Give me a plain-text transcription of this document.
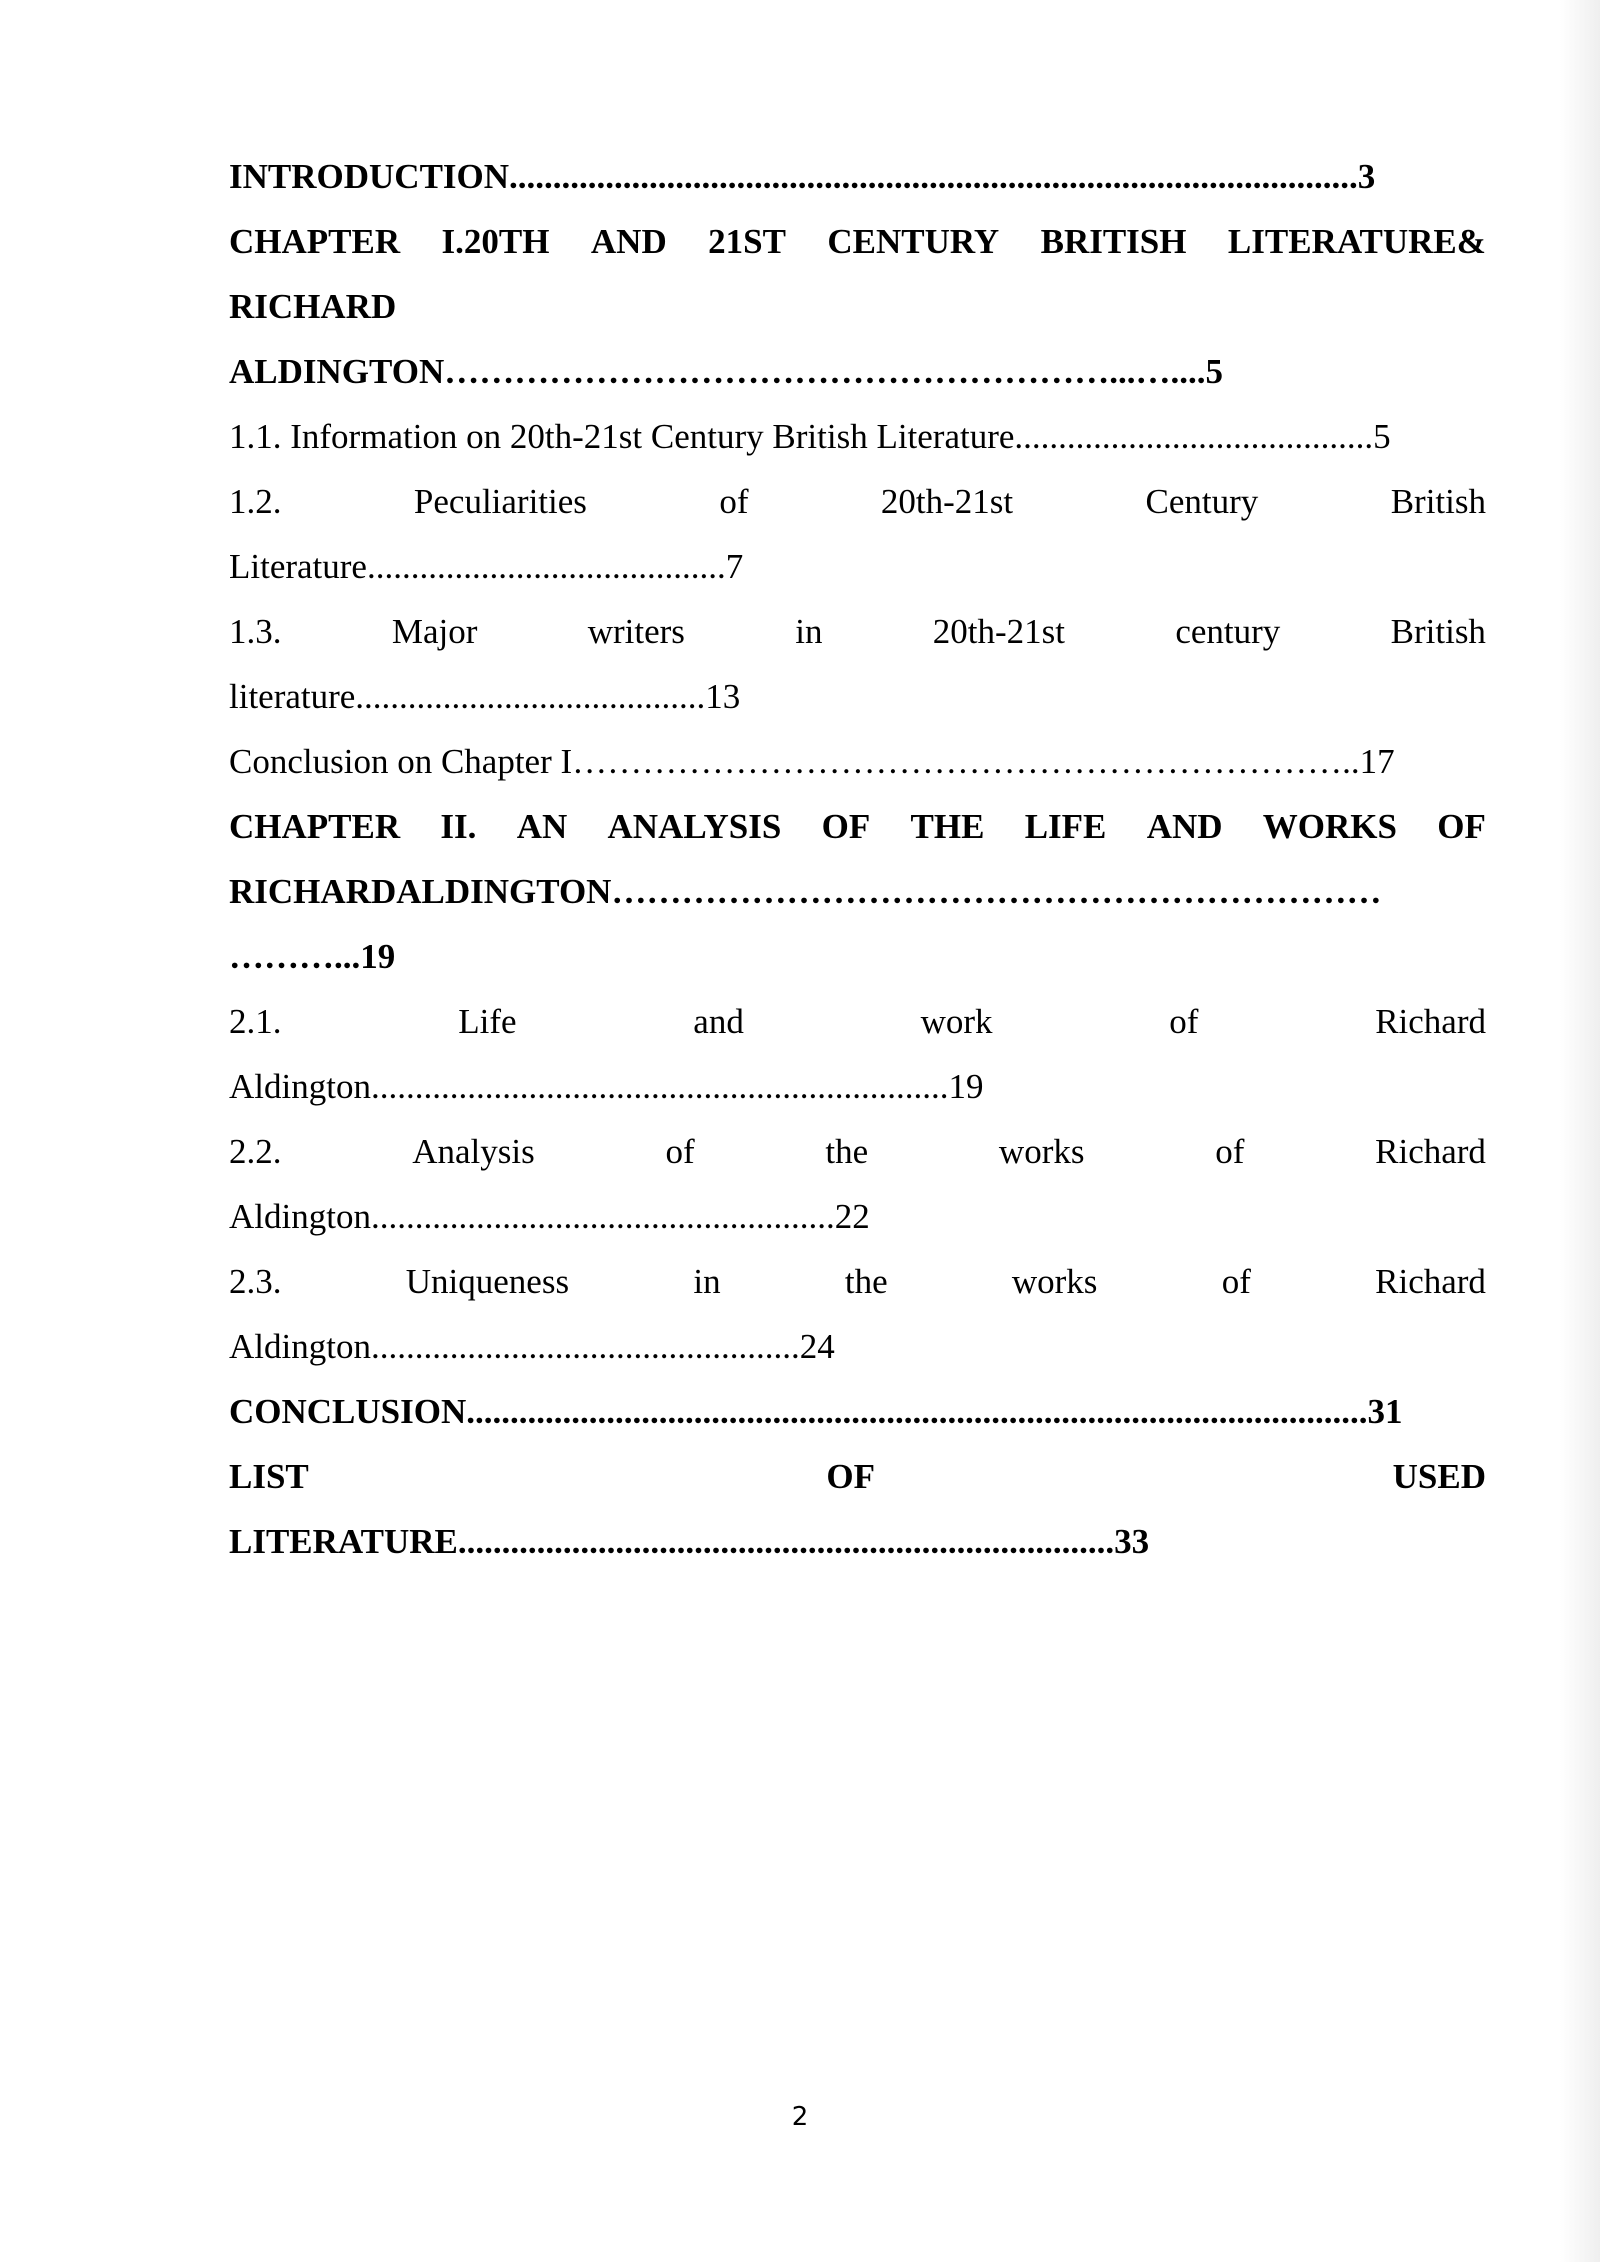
INTRODUCTION.................................................................................................3
CHAPTER I.20TH AND 21ST CENTURY BRITISH LITERATURE&
RICHARD
ALDINGTON…………………………………………………...…....5
1.1. Information on 20th-21st Century British Literature.........................................5
1.2.	Peculiarities	of	20th-21st	Century	British
Literature.........................................7
1.3.	Major	writers	in	20th-21st	century	British
literature........................................13
Conclusion on Chapter I…………………………………………………………..17
CHAPTER II. AN ANALYSIS OF THE LIFE AND WORKS OF
RICHARDALDINGTON…………………………………………………………
………...19
2.1.	Life	and	work	of	Richard
Aldington..................................................................19
2.2.	Analysis	of	the	works	of	Richard
Aldington.....................................................22
2.3.	Uniqueness	in	the	works	of	Richard
Aldington.................................................24
CONCLUSION.......................................................................................................31
LIST	OF	USED
LITERATURE...........................................................................33
2
